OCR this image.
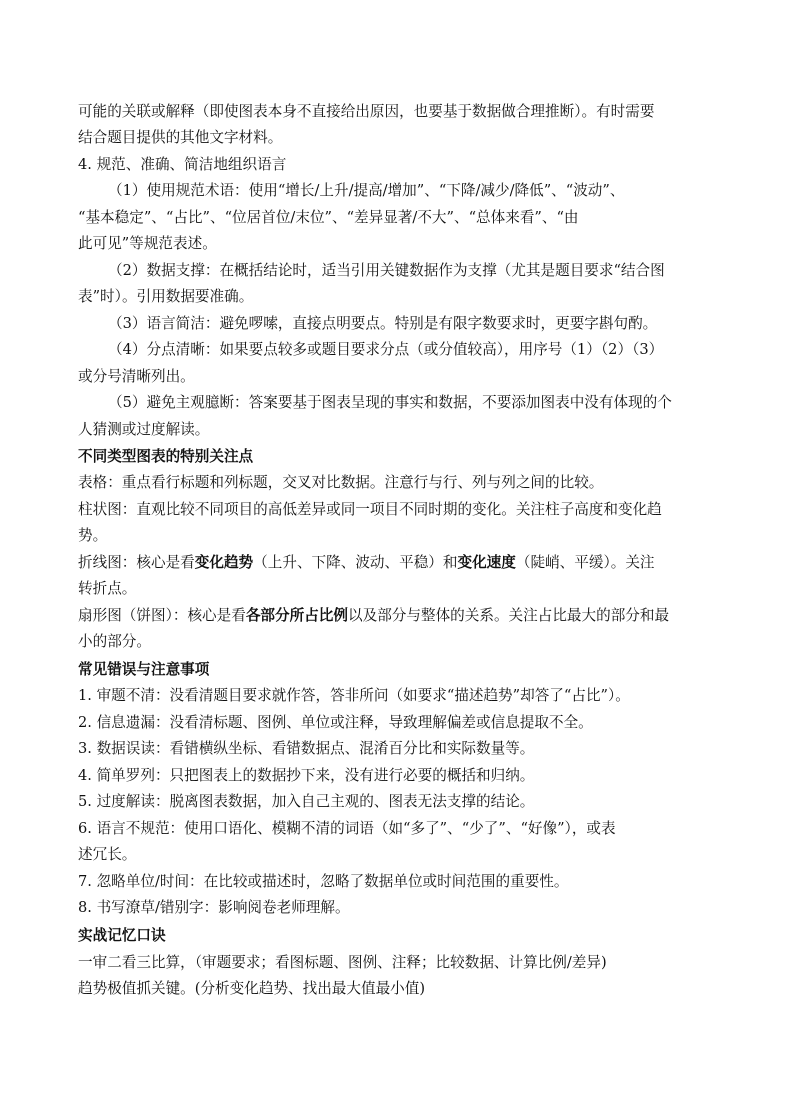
可能的关联或解释（即使图表本身不直接给出原因，也要基于数据做合理推断）。有时需要
结合题目提供的其他文字材料。
4. 规范、准确、简洁地组织语言
（1）使用规范术语：使用“增长/上升/提高/增加”、“下降/减少/降低”、“波动”、
“基本稳定”、“占比”、“位居首位/末位”、“差异显著/不大”、“总体来看”、“由
此可见”等规范表述。
（2）数据支撑：在概括结论时，适当引用关键数据作为支撑（尤其是题目要求“结合图
表”时）。引用数据要准确。
（3）语言简洁：避免啰嗦，直接点明要点。特别是有限字数要求时，更要字斟句酌。
（4）分点清晰：如果要点较多或题目要求分点（或分值较高），用序号（1）（2）（3）
或分号清晰列出。
（5）避免主观臆断：答案要基于图表呈现的事实和数据，不要添加图表中没有体现的个
人猜测或过度解读。
不同类型图表的特别关注点
表格：重点看行标题和列标题，交叉对比数据。注意行与行、列与列之间的比较。
柱状图：直观比较不同项目的高低差异或同一项目不同时期的变化。关注柱子高度和变化趋
势。
折线图：核心是看变化趋势（上升、下降、波动、平稳）和变化速度（陡峭、平缓）。关注
转折点。
扇形图（饼图）：核心是看各部分所占比例以及部分与整体的关系。关注占比最大的部分和最
小的部分。
常见错误与注意事项
1. 审题不清：没看清题目要求就作答，答非所问（如要求“描述趋势”却答了“占比”）。
2. 信息遗漏：没看清标题、图例、单位或注释，导致理解偏差或信息提取不全。
3. 数据误读：看错横纵坐标、看错数据点、混淆百分比和实际数量等。
4. 简单罗列：只把图表上的数据抄下来，没有进行必要的概括和归纳。
5. 过度解读：脱离图表数据，加入自己主观的、图表无法支撑的结论。
6. 语言不规范：使用口语化、模糊不清的词语（如“多了”、“少了”、“好像”），或表
述冗长。
7. 忽略单位/时间：在比较或描述时，忽略了数据单位或时间范围的重要性。
8. 书写潦草/错别字：影响阅卷老师理解。
实战记忆口诀
一审二看三比算，（审题要求；看图标题、图例、注释；比较数据、计算比例/差异)
趋势极值抓关键。(分析变化趋势、找出最大值最小值)
